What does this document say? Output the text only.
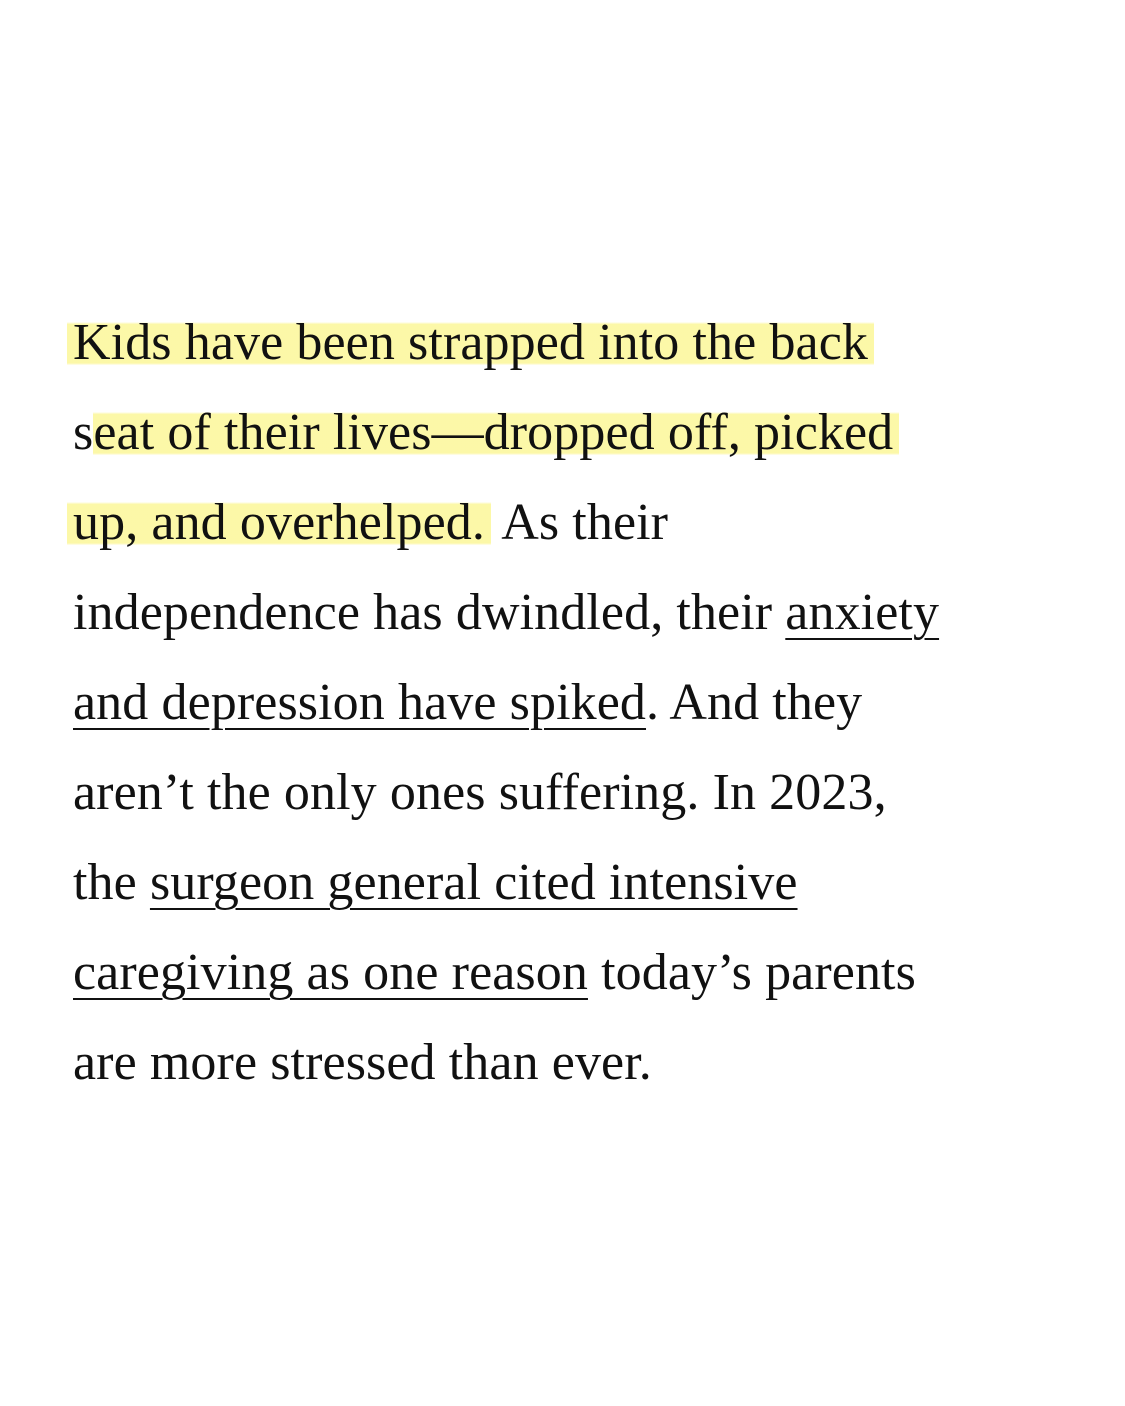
Kids have been strapped into the back
seat of their lives—dropped off, picked
up, and overhelped. As their
independence has dwindled, their anxiety
and depression have spiked. And they
aren’t the only ones suffering. In 2023,
the surgeon general cited intensive
caregiving as one reason today’s parents
are more stressed than ever.
